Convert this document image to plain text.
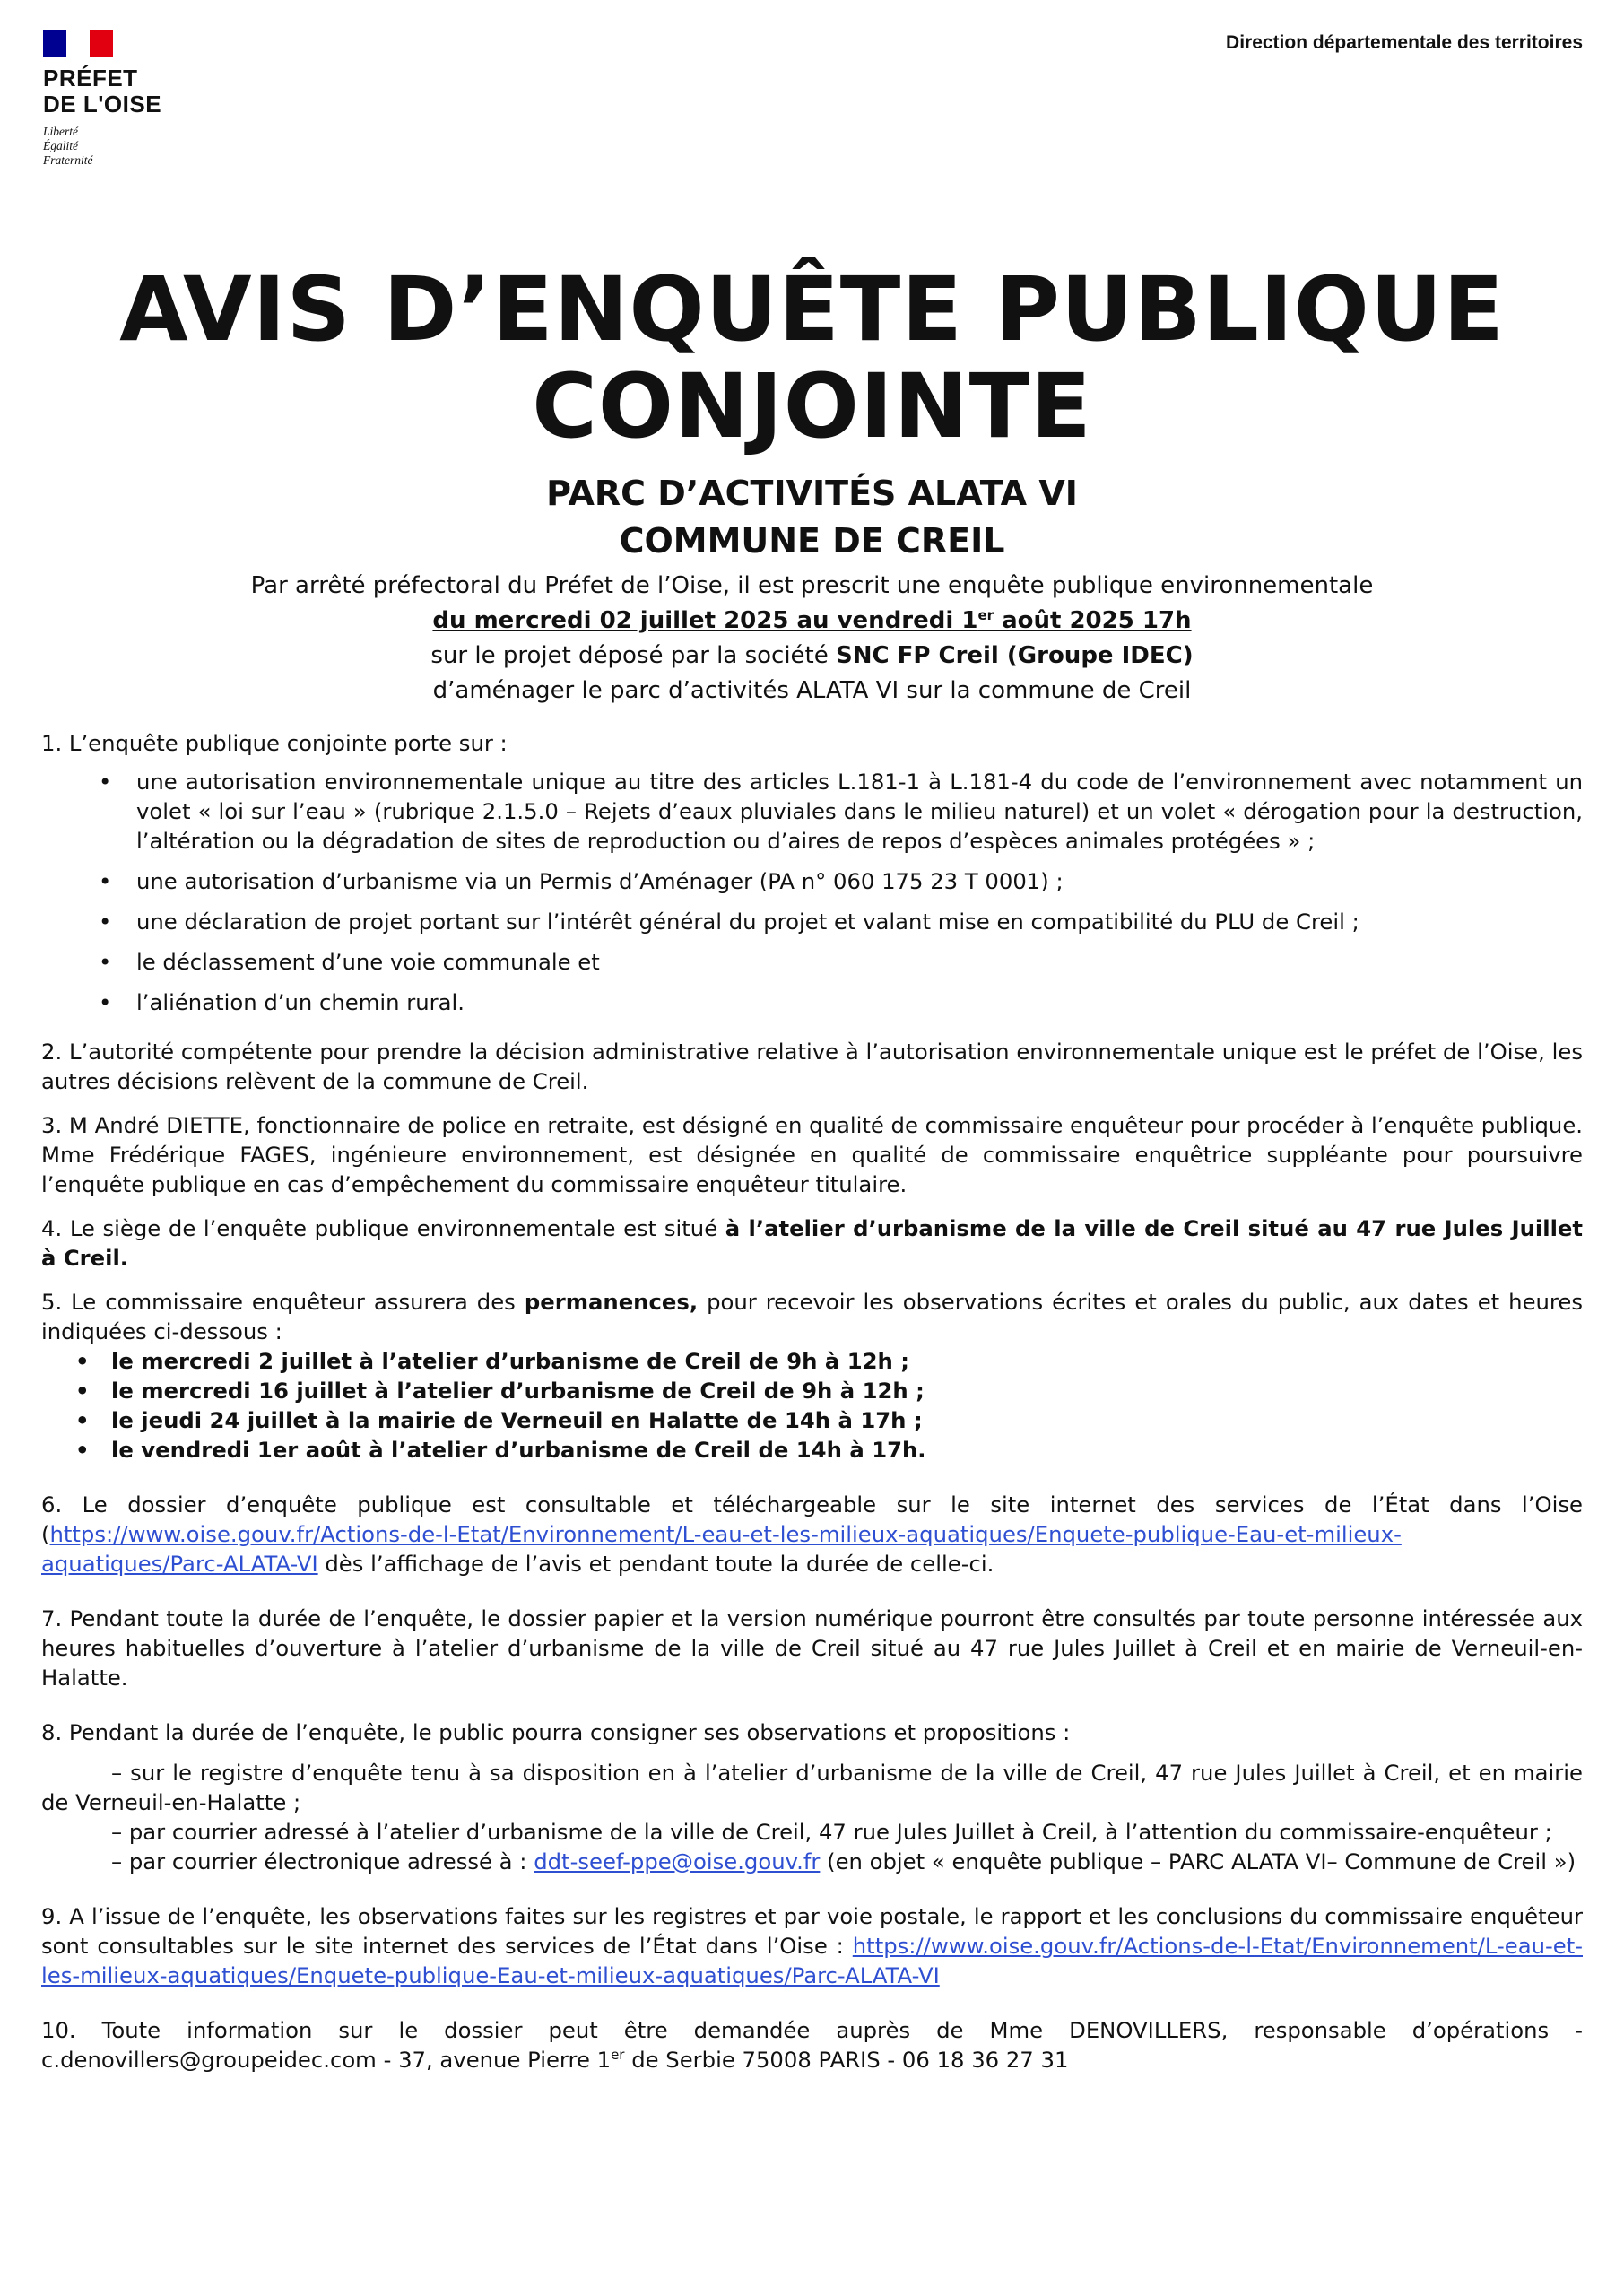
PRÉFET
DE L'OISE
Liberté
Égalité
Fraternité
Direction départementale des territoires
AVIS D’ENQUÊTE PUBLIQUE
CONJOINTE
PARC D’ACTIVITÉS ALATA VI
COMMUNE DE CREIL
Par arrêté préfectoral du Préfet de l’Oise, il est prescrit une enquête publique environnementale
du mercredi 02 juillet 2025 au vendredi 1er août 2025 17h
sur le projet déposé par la société SNC FP Creil (Groupe IDEC)
d’aménager le parc d’activités ALATA VI sur la commune de Creil

1. L’enquête publique conjointe porte sur :

• une autorisation environnementale unique au titre des articles L.181-1 à L.181-4 du code de l’environnement avec notamment un volet « loi sur l’eau » (rubrique 2.1.5.0 – Rejets d’eaux pluviales dans le milieu naturel) et un volet « dérogation pour la destruction, l’altération ou la dégradation de sites de reproduction ou d’aires de repos d’espèces animales protégées » ;
• une autorisation d’urbanisme via un Permis d’Aménager (PA n° 060 175 23 T 0001) ;
• une déclaration de projet portant sur l’intérêt général du projet et valant mise en compatibilité du PLU de Creil ;
• le déclassement d’une voie communale et
• l’aliénation d’un chemin rural.

2. L’autorité compétente pour prendre la décision administrative relative à l’autorisation environnementale unique est le préfet de l’Oise, les autres décisions relèvent de la commune de Creil.

3. M André DIETTE, fonctionnaire de police en retraite, est désigné en qualité de commissaire enquêteur pour procéder à l’enquête publique. Mme Frédérique FAGES, ingénieure environnement, est désignée en qualité de commissaire enquêtrice suppléante pour poursuivre l’enquête publique en cas d’empêchement du commissaire enquêteur titulaire.

4. Le siège de l’enquête publique environnementale est situé à l’atelier d’urbanisme de la ville de Creil situé au 47 rue Jules Juillet à Creil.

5. Le commissaire enquêteur assurera des permanences, pour recevoir les observations écrites et orales du public, aux dates et heures indiquées ci-dessous :

• le mercredi 2 juillet à l’atelier d’urbanisme de Creil de 9h à 12h ;
• le mercredi 16 juillet à l’atelier d’urbanisme de Creil de 9h à 12h ;
• le jeudi 24 juillet à la mairie de Verneuil en Halatte de 14h à 17h ;
• le vendredi 1er août à l’atelier d’urbanisme de Creil de 14h à 17h.

6. Le dossier d’enquête publique est consultable et téléchargeable sur le site internet des services de l’État dans l’Oise (https://www.oise.gouv.fr/Actions-de-l-Etat/Environnement/L-eau-et-les-milieux-aquatiques/Enquete-publique-Eau-et-milieux-aquatiques/Parc-ALATA-VI dès l’affichage de l’avis et pendant toute la durée de celle-ci.

7. Pendant toute la durée de l’enquête, le dossier papier et la version numérique pourront être consultés par toute personne intéressée aux heures habituelles d’ouverture à l’atelier d’urbanisme de la ville de Creil situé au 47 rue Jules Juillet à Creil et en mairie de Verneuil-en-Halatte.

8. Pendant la durée de l’enquête, le public pourra consigner ses observations et propositions :

– sur le registre d’enquête tenu à sa disposition en à l’atelier d’urbanisme de la ville de Creil, 47 rue Jules Juillet à Creil, et en mairie de Verneuil-en-Halatte ;

– par courrier adressé à l’atelier d’urbanisme de la ville de Creil, 47 rue Jules Juillet à Creil, à l’attention du commissaire-enquêteur ;

– par courrier électronique adressé à : ddt-seef-ppe@oise.gouv.fr (en objet « enquête publique – PARC ALATA VI– Commune de Creil »)

9. A l’issue de l’enquête, les observations faites sur les registres et par voie postale, le rapport et les conclusions du commissaire enquêteur sont consultables sur le site internet des services de l’État dans l’Oise : https://www.oise.gouv.fr/Actions-de-l-Etat/Environnement/L-eau-et-les-milieux-aquatiques/Enquete-publique-Eau-et-milieux-aquatiques/Parc-ALATA-VI

10. Toute information sur le dossier peut être demandée auprès de Mme DENOVILLERS, responsable d’opérations - c.denovillers@groupeidec.com - 37, avenue Pierre 1er de Serbie 75008 PARIS - 06 18 36 27 31
